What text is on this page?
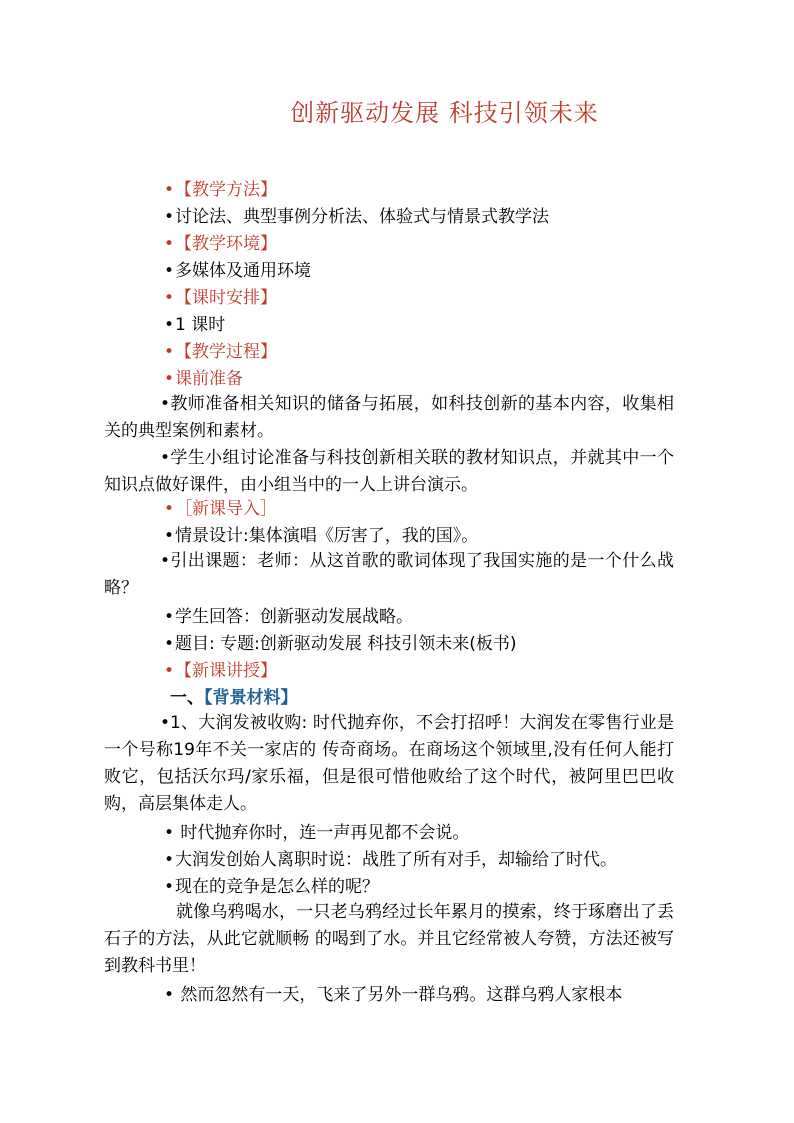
创新驱动发展 科技引领未来
•【教学方法】
•讨论法、典型事例分析法、体验式与情景式教学法
•【教学环境】
•多媒体及通用环境
•【课时安排】
•1 课时
•【教学过程】
•课前准备
•教师准备相关知识的储备与拓展，如科技创新的基本内容，收集相关的典型案例和素材。
•学生小组讨论准备与科技创新相关联的教材知识点，并就其中一个知识点做好课件，由小组当中的一人上讲台演示。
•［新课导入］
•情景设计:集体演唱《厉害了，我的国》。
•引出课题：老师：从这首歌的歌词体现了我国实施的是一个什么战略？
•学生回答：创新驱动发展战略。
•题目: 专题:创新驱动发展 科技引领未来(板书)
•【新课讲授】
一、【背景材料】
•1、大润发被收购: 时代抛弃你，不会打招呼！大润发在零售行业是一个号称19年不关一家店的 传奇商场。在商场这个领域里,没有任何人能打 败它，包括沃尔玛/家乐福，但是很可惜他败给了这个时代，被阿里巴巴收购，高层集体走人。
• 时代抛弃你时，连一声再见都不会说。
•大润发创始人离职时说：战胜了所有对手，却输给了时代。
•现在的竞争是怎么样的呢？
就像乌鸦喝水，一只老乌鸦经过长年累月的摸索，终于琢磨出了丢石子的方法，从此它就顺畅 的喝到了水。并且它经常被人夸赞，方法还被写 到教科书里！
• 然而忽然有一天，飞来了另外一群乌鸦。这群乌鸦人家根本
